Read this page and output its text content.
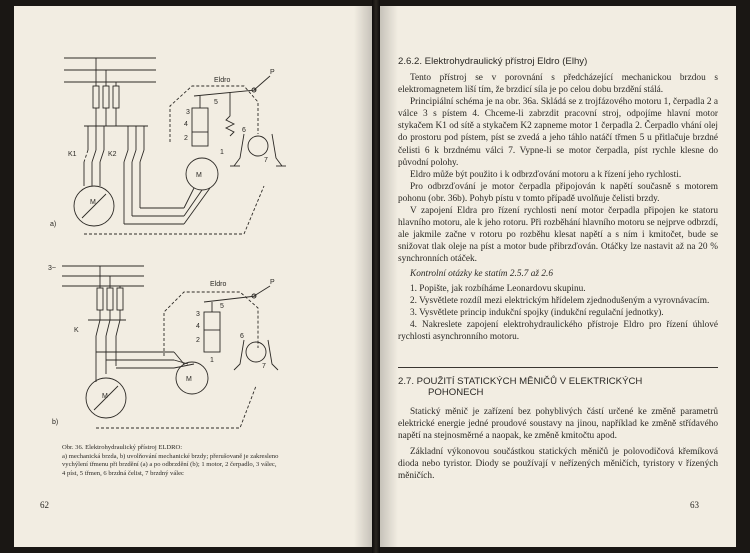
K1	K2
M
M
Eldro
P
4
2
3
5
6
7
1
a)
3~
K
M
M
Eldro	P
4
2
3
5
6
7
1
b)
Obr. 36. Elektrohydraulický přístroj ELDRO:
a) mechanická brzda, b) uvolňování mechanické brzdy; přerušovaně je zakresleno
vychýlení třmenu při brzdění (a) a po odbrzdění (b); 1 motor, 2 čerpadlo, 3 válec,
4 píst, 5 třmen, 6 brzdná čelist, 7 brzdný válec
62
2.6.2. Elektrohydraulický přístroj Eldro (Elhy)
Tento přístroj se v porovnání s předcházející mechanickou brzdou s elektromagnetem liší tím, že brzdicí síla je po celou dobu brzdění stálá.
Principiální schéma je na obr. 36a. Skládá se z trojfázového motoru 1, čerpadla 2 a válce 3 s pístem 4. Chceme-li zabrzdit pracovní stroj, odpojíme hlavní motor stykačem K1 od sítě a stykačem K2 zapneme motor 1 čerpadla 2. Čerpadlo vhání olej do prostoru pod pístem, píst se zvedá a jeho táhlo natáčí třmen 5 u přitlačuje brzdné čelisti 6 k brzdnému válci 7. Vypne-li se motor čerpadla, píst rychle klesne do původní polohy.
Eldro může být použito i k odbrzďování motoru a k řízení jeho rychlosti.
Pro odbrzďování je motor čerpadla připojován k napětí současně s motorem pohonu (obr. 36b). Pohyb pístu v tomto případě uvolňuje čelisti brzdy.
V zapojení Eldra pro řízení rychlosti není motor čerpadla připojen ke statoru hlavního motoru, ale k jeho rotoru. Při rozběhání hlavního motoru se nejprve odbrzdí, ale jakmile začne v rotoru po rozběhu klesat napětí a s ním i kmitočet, bude se snižovat tlak oleje na píst a motor bude přibrzďován. Otáčky lze nastavit až na 20 % synchronních otáček.
Kontrolní otázky ke statím 2.5.7 až 2.6
1. Popište, jak rozbíháme Leonardovu skupinu.
2. Vysvětlete rozdíl mezi elektrickým hřídelem zjednodušeným a vyrovnávacím.
3. Vysvětlete princip indukční spojky (indukční regulační jednotky).
4. Nakreslete zapojení elektrohydraulického přístroje Eldro pro řízení úhlové rychlosti asynchronního motoru.
2.7. POUŽITÍ STATICKÝCH MĚNIČŮ V ELEKTRICKÝCH
POHONECH
Statický měnič je zařízení bez pohyblivých částí určené ke změně parametrů elektrické energie jedné proudové soustavy na jinou, například ke změně střídavého napětí na stejnosměrné a naopak, ke změně kmitočtu apod.
Základní výkonovou součástkou statických měničů je polovodičová křemíková dioda nebo tyristor. Diody se používají v neřízených měničích, tyristory v řízených měničích.
63
